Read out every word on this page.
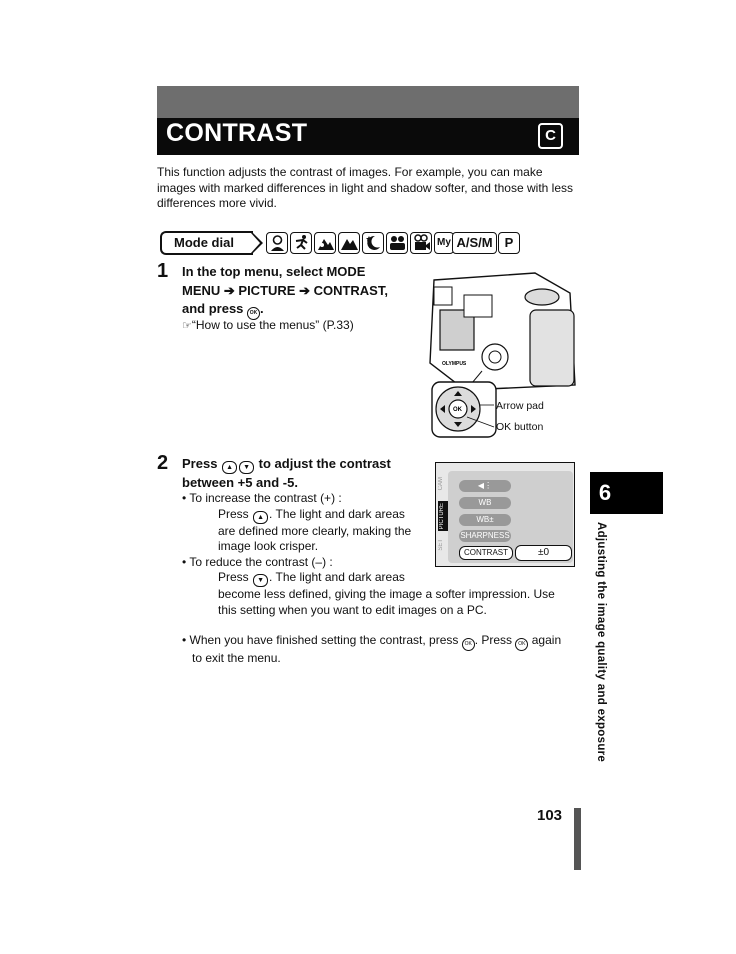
CONTRAST	C
This function adjusts the contrast of images. For example, you can make images with marked differences in light and shadow softer, and those with less differences more vivid.
Mode dial	My A/S/M P
1 In the top menu, select MODE
MENU ➔ PICTURE ➔ CONTRAST,
and press OK .
☞“How to use the menus” (P.33)
OLYMPUS
OK	Arrow pad
OK button
2 Press ▲ ▼ to adjust the contrast
between +5 and -5.
• To increase the contrast (+) :
Press ▲ . The light and dark areas
are defined more clearly, making the
image look crisper.
• To reduce the contrast (–) :
Press ▼ . The light and dark areas
become less defined, giving the image a softer impression. Use
this setting when you want to edit images on a PC.
• When you have finished setting the contrast, press OK . Press OK again
to exit the menu.
CAM
PICTURE
SET
◀⋮
WB
WB±
SHARPNESS
CONTRAST	±0
6
Adjusting the image quality and exposure
103
